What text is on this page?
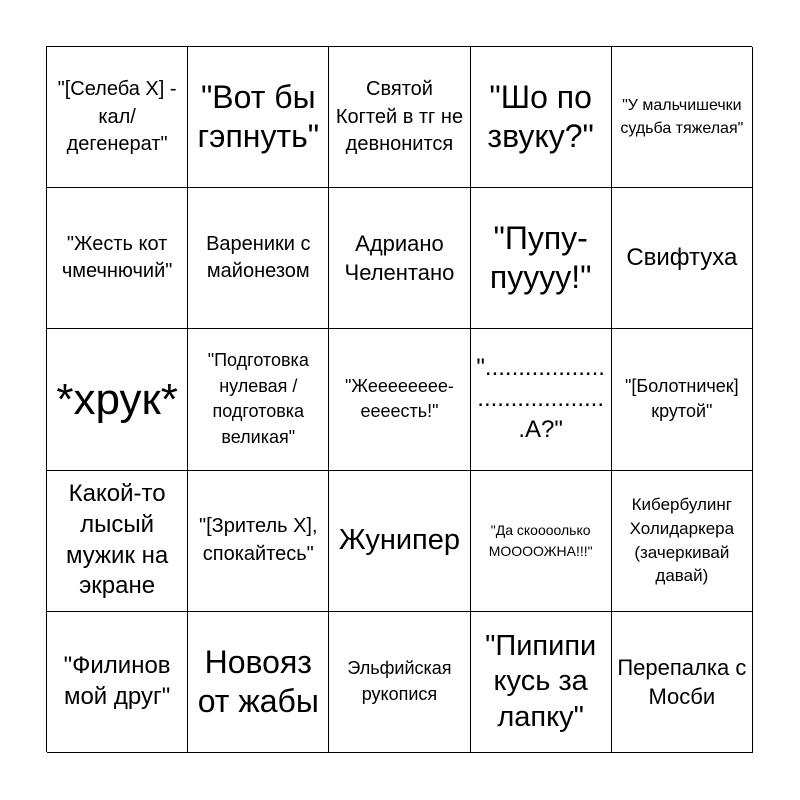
"[Селеба X] - кал/дегенерат"
"Вот бы гэпнуть"
Святой Когтей в тг не девнонится
"Шо по звуку?"
"У мальчишечки судьба тяжелая"
"Жесть кот чмечнючий"
Вареники с майонезом
Адриано Челентано
"Пупу-пуууу!"
Свифтуха
*хрук*
"Подготовка нулевая / подготовка великая"
"Жееееееее-ееееcть!"
"......................................А?"
"[Болотничек] крутой"
Какой-то лысый мужик на экране
"[Зритель X], спокайтесь" Жунипер	"Да скоооолько МООООЖНА!!!"
Кибербулинг Холидаркера (зачеркивай давай)
"Филинов мой друг"
Новояз от жабы
Эльфийская рукопися
"Пипипи кусь за лапку"
Перепалка с Мосби
